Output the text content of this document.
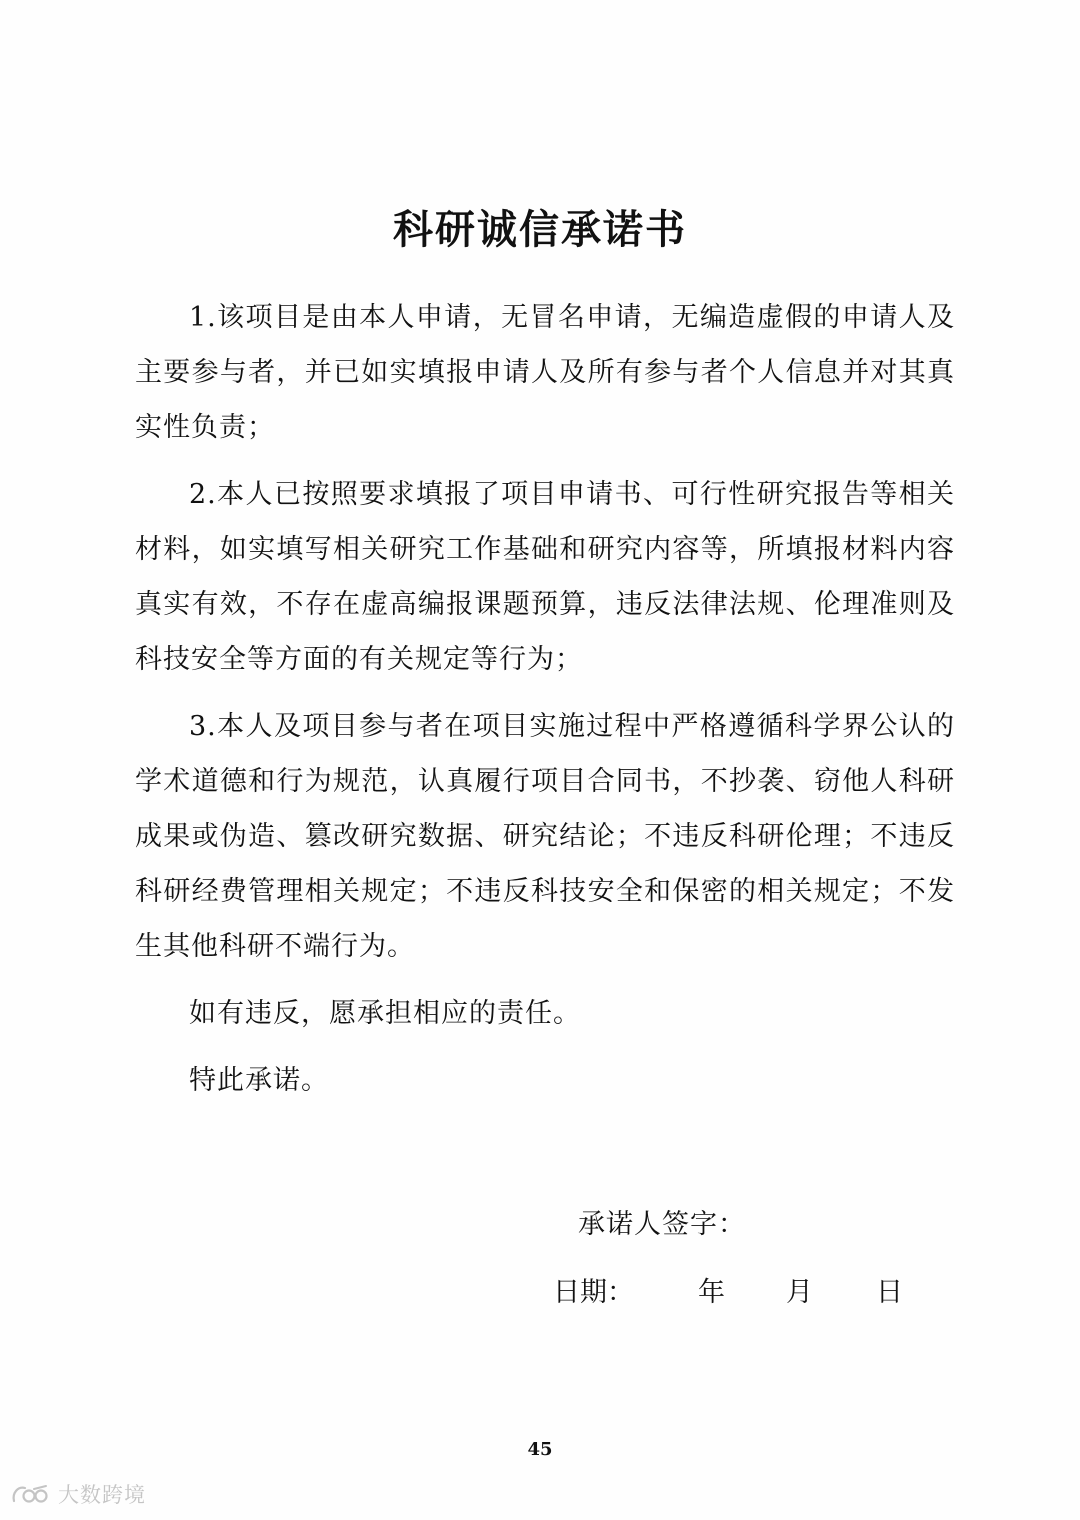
科研诚信承诺书

1.该项目是由本人申请，无冒名申请，无编造虚假的申请人及主要参与者，并已如实填报申请人及所有参与者个人信息并对其真实性负责；

2.本人已按照要求填报了项目申请书、可行性研究报告等相关材料，如实填写相关研究工作基础和研究内容等，所填报材料内容真实有效，不存在虚高编报课题预算，违反法律法规、伦理准则及科技安全等方面的有关规定等行为；

3.本人及项目参与者在项目实施过程中严格遵循科学界公认的学术道德和行为规范，认真履行项目合同书，不抄袭、窃他人科研成果或伪造、篡改研究数据、研究结论；不违反科研伦理；不违反科研经费管理相关规定；不违反科技安全和保密的相关规定；不发生其他科研不端行为。

如有违反，愿承担相应的责任。

特此承诺。

承诺人签字：
日期： 年 月 日
45
大数跨境
